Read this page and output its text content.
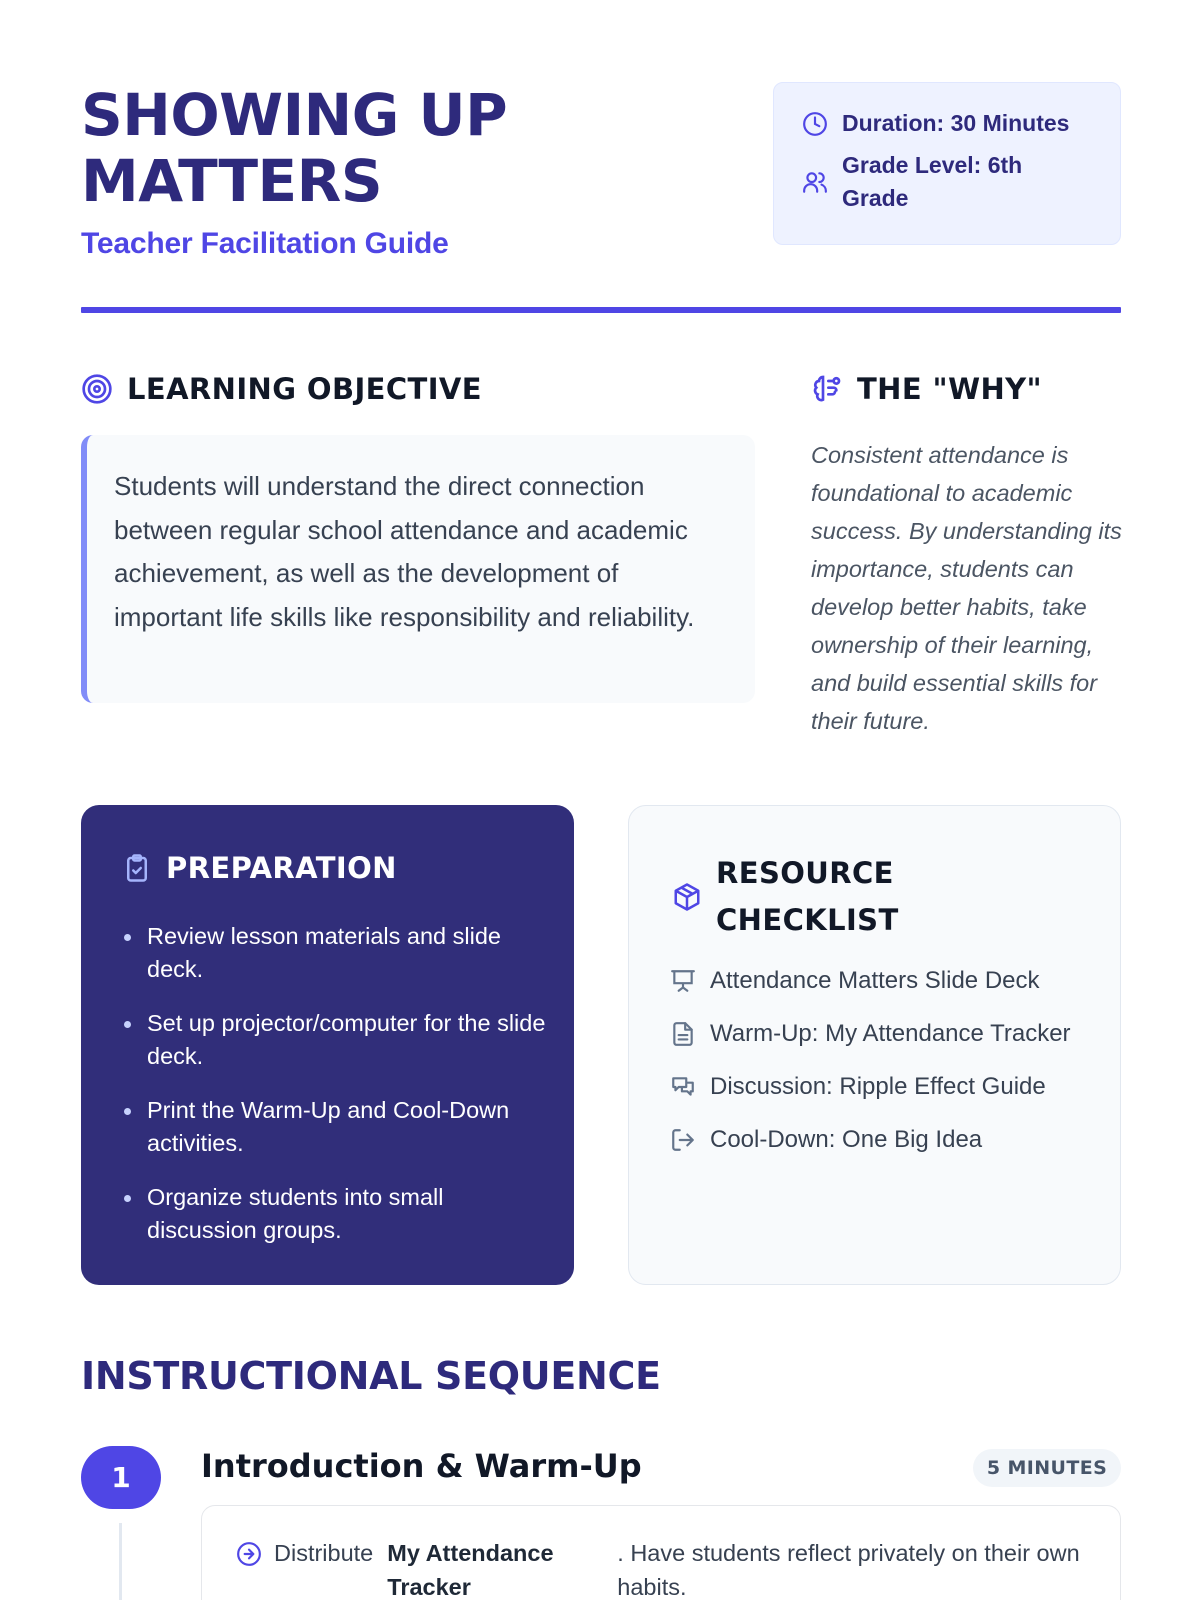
SHOWING UP
MATTERS
Teacher Facilitation Guide
Duration: 30 Minutes
Grade Level: 6th
Grade
LEARNING OBJECTIVE
Students will understand the direct connection between regular school attendance and academic achievement, as well as the development of important life skills like responsibility and reliability.
THE "WHY"
Consistent attendance is foundational to academic success. By understanding its importance, students can develop better habits, take ownership of their learning, and build essential skills for their future.
PREPARATION
Review lesson materials and slide deck.
Set up projector/computer for the slide deck.
Print the Warm-Up and Cool-Down activities.
Organize students into small discussion groups.
RESOURCE
CHECKLIST
Attendance Matters Slide Deck
Warm-Up: My Attendance Tracker
Discussion: Ripple Effect Guide
Cool-Down: One Big Idea
INSTRUCTIONAL SEQUENCE
1	Introduction & Warm-Up	5 MINUTES
Distribute My Attendance Tracker
. Have students reflect privately on their own habits.
